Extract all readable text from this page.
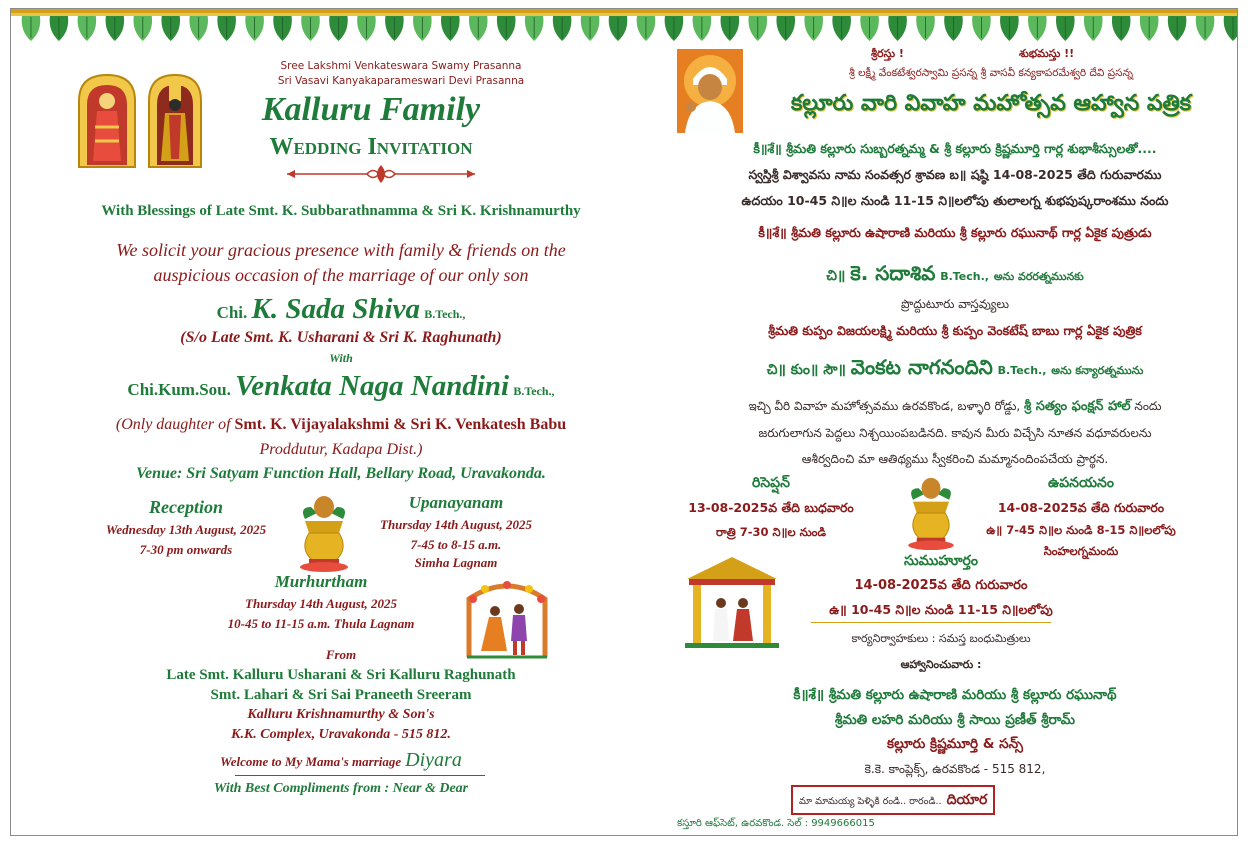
Sree Lakshmi Venkateswara Swamy Prasanna
Sri Vasavi Kanyakaparameswari Devi Prasanna
Kalluru Family
Wedding Invitation
With Blessings of Late Smt. K. Subbarathnamma & Sri K. Krishnamurthy
We solicit your gracious presence with family & friends on the
auspicious occasion of the marriage of our only son
Chi. K. Sada Shiva B.Tech.,
(S/o Late Smt. K. Usharani & Sri K. Raghunath)
With
Chi.Kum.Sou. Venkata Naga Nandini B.Tech.,
(Only daughter of Smt. K. Vijayalakshmi & Sri K. Venkatesh Babu
Proddutur, Kadapa Dist.)
Venue: Sri Satyam Function Hall, Bellary Road, Uravakonda.
Reception
Wednesday 13th August, 2025
7-30 pm onwards
Upanayanam
Thursday 14th August, 2025
7-45 to 8-15 a.m.
Simha Lagnam
Murhurtham
Thursday 14th August, 2025
10-45 to 11-15 a.m. Thula Lagnam
From
Late Smt. Kalluru Usharani & Sri Kalluru Raghunath
Smt. Lahari & Sri Sai Praneeth Sreeram
Kalluru Krishnamurthy & Son's
K.K. Complex, Uravakonda - 515 812.
Welcome to My Mama's marriage Diyara
With Best Compliments from : Near & Dear
శ్రీరస్తు !	శుభమస్తు !!
శ్రీ లక్ష్మీ వేంకటేశ్వరస్వామి ప్రసన్న శ్రీ వాసవీ కన్యకాపరమేశ్వరి దేవి ప్రసన్న
కల్లూరు వారి వివాహ మహోత్సవ ఆహ్వాన పత్రిక
కీ॥శే॥ శ్రీమతి కల్లూరు సుబ్బరత్నమ్మ & శ్రీ కల్లూరు క్రిష్ణమూర్తి గార్ల శుభాశీస్సులతో....
స్వస్తిశ్రీ విశ్వావసు నామ సంవత్సర శ్రావణ బ॥ షష్ఠి 14-08-2025 తేది గురువారము
ఉదయం 10-45 ని॥ల నుండి 11-15 ని॥లలోపు తులాలగ్న శుభపుష్కరాంశము నందు
కీ॥శే॥ శ్రీమతి కల్లూరు ఉషారాణి మరియు శ్రీ కల్లూరు రఘునాథ్ గార్ల ఏకైక పుత్రుడు
చి॥ కె. సదాశివ B.Tech., అను వరరత్నమునకు
ప్రొద్దుటూరు వాస్తవ్యులు
శ్రీమతి కుప్పం విజయలక్ష్మి మరియు శ్రీ కుప్పం వెంకటేష్ బాబు గార్ల ఏకైక పుత్రిక
చి॥ కుం॥ సౌ॥ వెంకట నాగనందిని B.Tech., అను కన్యారత్నమును
ఇచ్చి వీరి వివాహ మహోత్సవము ఉరవకొండ, బళ్ళారి రోడ్డు, శ్రీ సత్యం ఫంక్షన్ హాల్ నందు
జరుగులాగున పెద్దలు నిశ్చయింపబడినది. కావున మీరు విచ్చేసి నూతన వధూవరులను
ఆశీర్వదించి మా ఆతిథ్యము స్వీకరించి మమ్మానందింపచేయ ప్రార్థన.
రిసెప్షన్
13-08-2025వ తేది బుధవారం
రాత్రి 7-30 ని॥ల నుండి
ఉపనయనం
14-08-2025వ తేది గురువారం
ఉ॥ 7-45 ని॥ల నుండి 8-15 ని॥లలోపు
సింహలగ్నమందు
సుముహూర్తం
14-08-2025వ తేది గురువారం
ఉ॥ 10-45 ని॥ల నుండి 11-15 ని॥లలోపు
కార్యనిర్వాహకులు : సమస్త బంధుమిత్రులు
ఆహ్వానించువారు :
కీ॥శే॥ శ్రీమతి కల్లూరు ఉషారాణి మరియు శ్రీ కల్లూరు రఘునాథ్
శ్రీమతి లహరి మరియు శ్రీ సాయి ప్రణీత్ శ్రీరామ్
కల్లూరు క్రిష్ణమూర్తి & సన్స్
కె.కె. కాంప్లెక్స్, ఉరవకొండ - 515 812,
మా మామయ్య పెళ్ళికి రండి.. రారండి.. దియార
కస్తూరి ఆఫ్‌సెట్, ఉరవకొండ. సెల్ : 9949666015
